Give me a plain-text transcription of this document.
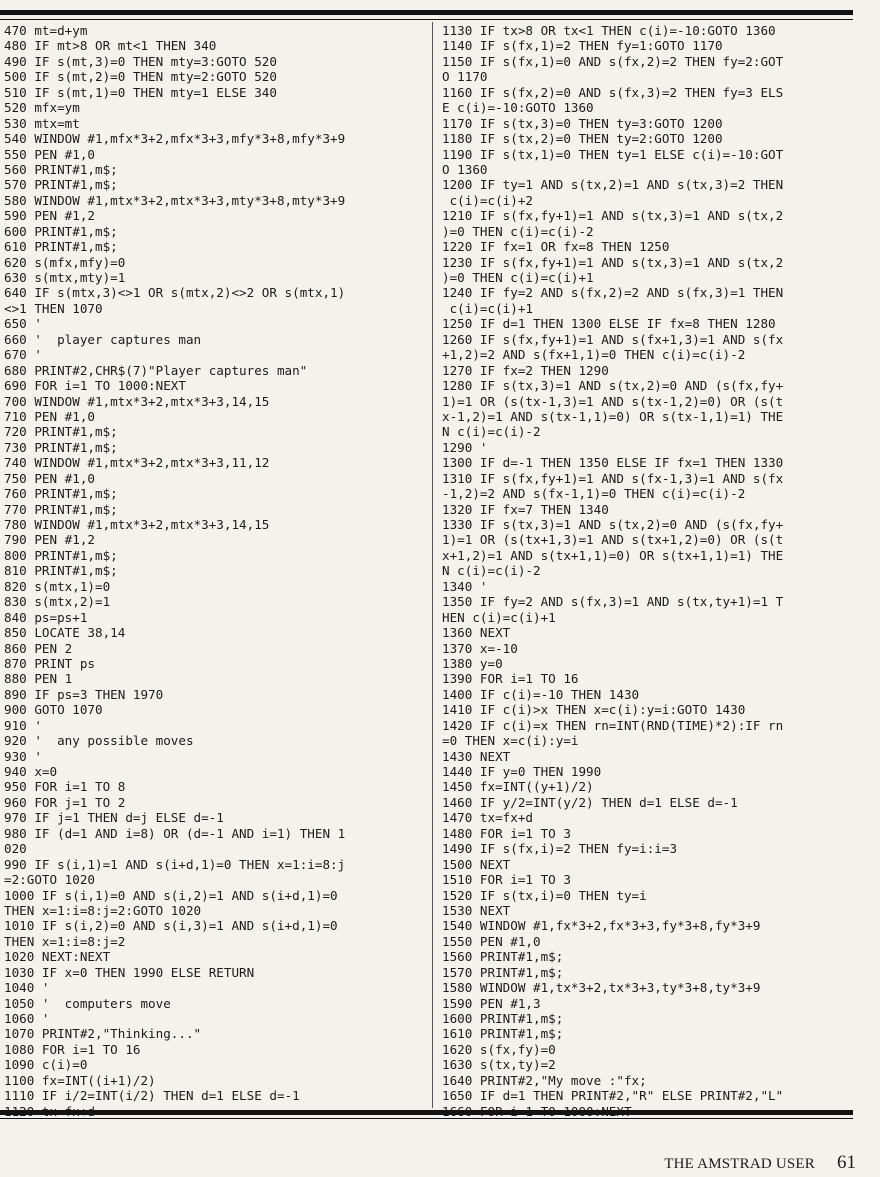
470 mt=d+ym
480 IF mt>8 OR mt<1 THEN 340
490 IF s(mt,3)=0 THEN mty=3:GOTO 520
500 IF s(mt,2)=0 THEN mty=2:GOTO 520
510 IF s(mt,1)=0 THEN mty=1 ELSE 340
520 mfx=ym
530 mtx=mt
540 WINDOW #1,mfx*3+2,mfx*3+3,mfy*3+8,mfy*3+9
550 PEN #1,0
560 PRINT#1,m$;
570 PRINT#1,m$;
580 WINDOW #1,mtx*3+2,mtx*3+3,mty*3+8,mty*3+9
590 PEN #1,2
600 PRINT#1,m$;
610 PRINT#1,m$;
620 s(mfx,mfy)=0
630 s(mtx,mty)=1
640 IF s(mtx,3)<>1 OR s(mtx,2)<>2 OR s(mtx,1)
<>1 THEN 1070
650 '
660 '  player captures man
670 '
680 PRINT#2,CHR$(7)"Player captures man"
690 FOR i=1 TO 1000:NEXT
700 WINDOW #1,mtx*3+2,mtx*3+3,14,15
710 PEN #1,0
720 PRINT#1,m$;
730 PRINT#1,m$;
740 WINDOW #1,mtx*3+2,mtx*3+3,11,12
750 PEN #1,0
760 PRINT#1,m$;
770 PRINT#1,m$;
780 WINDOW #1,mtx*3+2,mtx*3+3,14,15
790 PEN #1,2
800 PRINT#1,m$;
810 PRINT#1,m$;
820 s(mtx,1)=0
830 s(mtx,2)=1
840 ps=ps+1
850 LOCATE 38,14
860 PEN 2
870 PRINT ps
880 PEN 1
890 IF ps=3 THEN 1970
900 GOTO 1070
910 '
920 '  any possible moves
930 '
940 x=0
950 FOR i=1 TO 8
960 FOR j=1 TO 2
970 IF j=1 THEN d=j ELSE d=-1
980 IF (d=1 AND i=8) OR (d=-1 AND i=1) THEN 1
020
990 IF s(i,1)=1 AND s(i+d,1)=0 THEN x=1:i=8:j
=2:GOTO 1020
1000 IF s(i,1)=0 AND s(i,2)=1 AND s(i+d,1)=0
THEN x=1:i=8:j=2:GOTO 1020
1010 IF s(i,2)=0 AND s(i,3)=1 AND s(i+d,1)=0
THEN x=1:i=8:j=2
1020 NEXT:NEXT
1030 IF x=0 THEN 1990 ELSE RETURN
1040 '
1050 '  computers move
1060 '
1070 PRINT#2,"Thinking..."
1080 FOR i=1 TO 16
1090 c(i)=0
1100 fx=INT((i+1)/2)
1110 IF i/2=INT(i/2) THEN d=1 ELSE d=-1
1130 IF tx>8 OR tx<1 THEN c(i)=-10:GOTO 1360
1140 IF s(fx,1)=2 THEN fy=1:GOTO 1170
1150 IF s(fx,1)=0 AND s(fx,2)=2 THEN fy=2:GOT
O 1170
1160 IF s(fx,2)=0 AND s(fx,3)=2 THEN fy=3 ELS
E c(i)=-10:GOTO 1360
1170 IF s(tx,3)=0 THEN ty=3:GOTO 1200
1180 IF s(tx,2)=0 THEN ty=2:GOTO 1200
1190 IF s(tx,1)=0 THEN ty=1 ELSE c(i)=-10:GOT
O 1360
1200 IF ty=1 AND s(tx,2)=1 AND s(tx,3)=2 THEN
c(i)=c(i)+2
1210 IF s(fx,fy+1)=1 AND s(tx,3)=1 AND s(tx,2
)=0 THEN c(i)=c(i)-2
1220 IF fx=1 OR fx=8 THEN 1250
1230 IF s(fx,fy+1)=1 AND s(tx,3)=1 AND s(tx,2
)=0 THEN c(i)=c(i)+1
1240 IF fy=2 AND s(fx,2)=2 AND s(fx,3)=1 THEN
c(i)=c(i)+1
1250 IF d=1 THEN 1300 ELSE IF fx=8 THEN 1280
1260 IF s(fx,fy+1)=1 AND s(fx+1,3)=1 AND s(fx
+1,2)=2 AND s(fx+1,1)=0 THEN c(i)=c(i)-2
1270 IF fx=2 THEN 1290
1280 IF s(tx,3)=1 AND s(tx,2)=0 AND (s(fx,fy+
1)=1 OR (s(tx-1,3)=1 AND s(tx-1,2)=0) OR (s(t
x-1,2)=1 AND s(tx-1,1)=0) OR s(tx-1,1)=1) THE
N c(i)=c(i)-2
1290 '
1300 IF d=-1 THEN 1350 ELSE IF fx=1 THEN 1330
1310 IF s(fx,fy+1)=1 AND s(fx-1,3)=1 AND s(fx
-1,2)=2 AND s(fx-1,1)=0 THEN c(i)=c(i)-2
1320 IF fx=7 THEN 1340
1330 IF s(tx,3)=1 AND s(tx,2)=0 AND (s(fx,fy+
1)=1 OR (s(tx+1,3)=1 AND s(tx+1,2)=0) OR (s(t
x+1,2)=1 AND s(tx+1,1)=0) OR s(tx+1,1)=1) THE
N c(i)=c(i)-2
1340 '
1350 IF fy=2 AND s(fx,3)=1 AND s(tx,ty+1)=1 T
HEN c(i)=c(i)+1
1360 NEXT
1370 x=-10
1380 y=0
1390 FOR i=1 TO 16
1400 IF c(i)=-10 THEN 1430
1410 IF c(i)>x THEN x=c(i):y=i:GOTO 1430
1420 IF c(i)=x THEN rn=INT(RND(TIME)*2):IF rn
=0 THEN x=c(i):y=i
1430 NEXT
1440 IF y=0 THEN 1990
1450 fx=INT((y+1)/2)
1460 IF y/2=INT(y/2) THEN d=1 ELSE d=-1
1470 tx=fx+d
1480 FOR i=1 TO 3
1490 IF s(fx,i)=2 THEN fy=i:i=3
1500 NEXT
1510 FOR i=1 TO 3
1520 IF s(tx,i)=0 THEN ty=i
1530 NEXT
1540 WINDOW #1,fx*3+2,fx*3+3,fy*3+8,fy*3+9
1550 PEN #1,0
1560 PRINT#1,m$;
1570 PRINT#1,m$;
1580 WINDOW #1,tx*3+2,tx*3+3,ty*3+8,ty*3+9
1590 PEN #1,3
1600 PRINT#1,m$;
1610 PRINT#1,m$;
1620 s(fx,fy)=0
1630 s(tx,ty)=2
1640 PRINT#2,"My move :"fx;
1650 IF d=1 THEN PRINT#2,"R" ELSE PRINT#2,"L"
THE AMSTRAD USER 61
